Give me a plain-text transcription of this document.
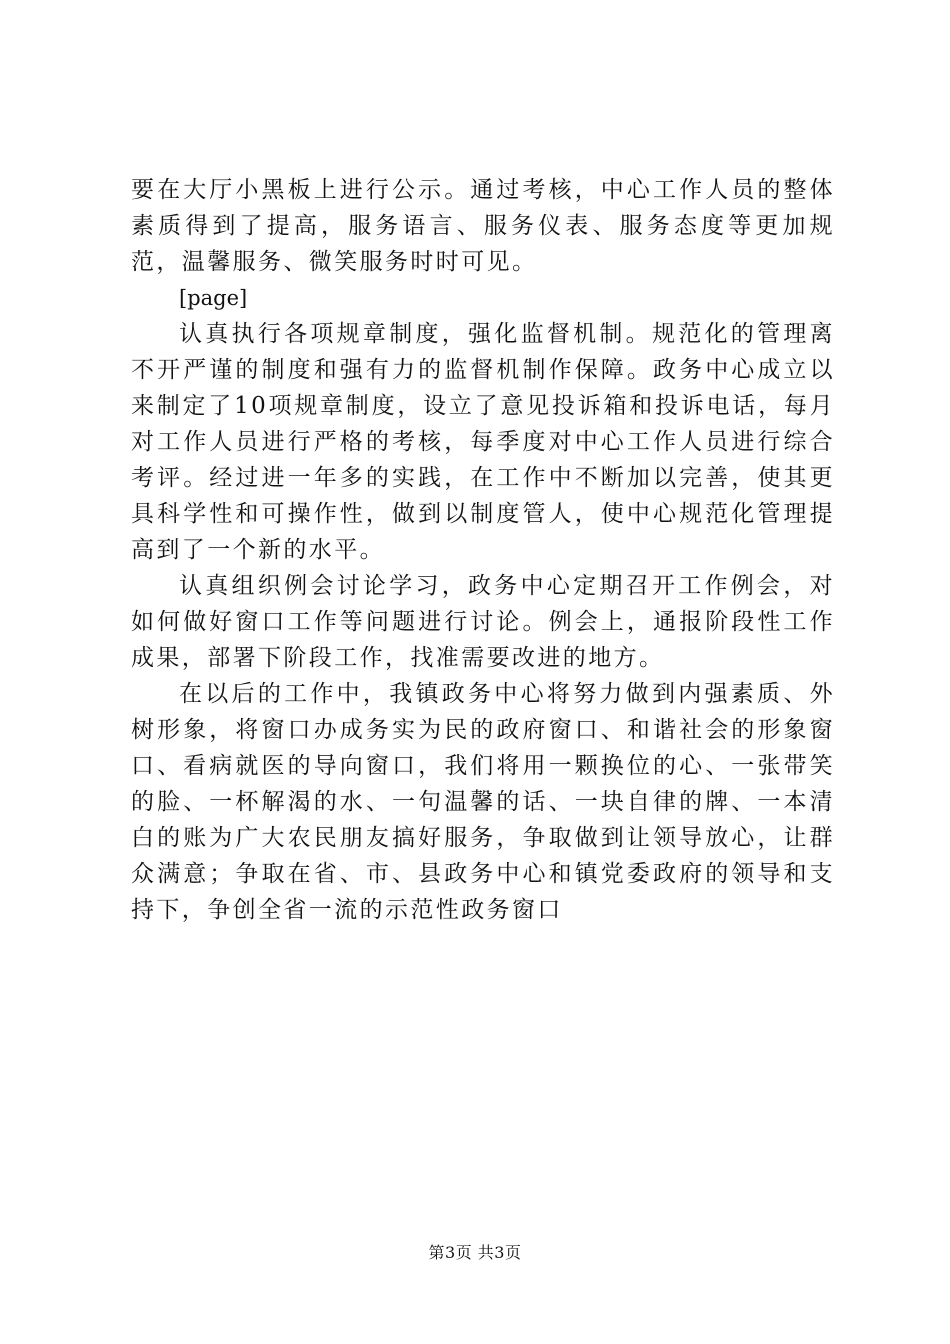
要在大厅小黑板上进行公示。通过考核，中心工作人员的整体素质得到了提高，服务语言、服务仪表、服务态度等更加规范，温馨服务、微笑服务时时可见。

[page]

认真执行各项规章制度，强化监督机制。规范化的管理离不开严谨的制度和强有力的监督机制作保障。政务中心成立以来制定了10项规章制度，设立了意见投诉箱和投诉电话，每月对工作人员进行严格的考核，每季度对中心工作人员进行综合考评。经过进一年多的实践，在工作中不断加以完善，使其更具科学性和可操作性，做到以制度管人，使中心规范化管理提高到了一个新的水平。

认真组织例会讨论学习，政务中心定期召开工作例会，对如何做好窗口工作等问题进行讨论。例会上，通报阶段性工作成果，部署下阶段工作，找准需要改进的地方。

在以后的工作中，我镇政务中心将努力做到内强素质、外树形象，将窗口办成务实为民的政府窗口、和谐社会的形象窗口、看病就医的导向窗口，我们将用一颗换位的心、一张带笑的脸、一杯解渴的水、一句温馨的话、一块自律的牌、一本清白的账为广大农民朋友搞好服务，争取做到让领导放心，让群众满意；争取在省、市、县政务中心和镇党委政府的领导和支持下，争创全省一流的示范性政务窗口

第3页 共3页
